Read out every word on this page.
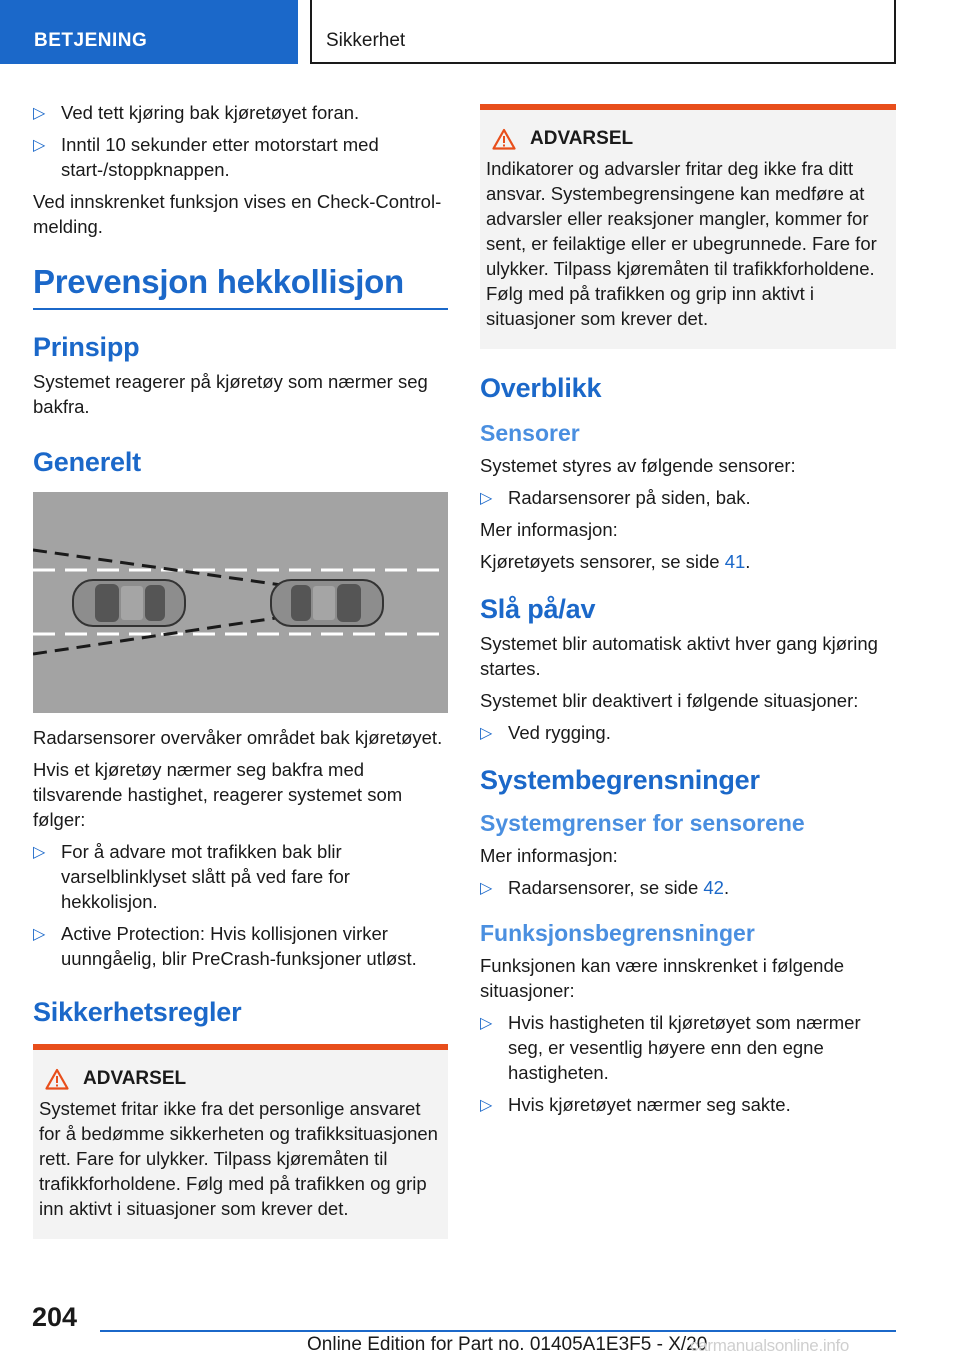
BETJENING	Sikkerhet
▷ Ved tett kjøring bak kjøretøyet foran.
▷ Inntil 10 sekunder etter motorstart med start-/stoppknappen.

Ved innskrenket funksjon vises en Check-Control-melding.

Prevensjon hekkollisjon
Prinsipp

Systemet reagerer på kjøretøy som nærmer seg bakfra.

Generelt

Radarsensorer overvåker området bak kjøretøyet.

Hvis et kjøretøy nærmer seg bakfra med tilsvarende hastighet, reagerer systemet som følger:

▷ For å advare mot trafikken bak blir varselblinklyset slått på ved fare for hekkolisjon.
▷ Active Protection: Hvis kollisjonen virker uunngåelig, blir PreCrash-funksjoner utløst.
Sikkerhetsregler
ADVARSEL

Systemet fritar ikke fra det personlige ansvaret for å bedømme sikkerheten og trafikksituasjonen rett. Fare for ulykker. Tilpass kjøremåten til trafikkforholdene. Følg med på trafikken og grip inn aktivt i situasjoner som krever det.

ADVARSEL

Indikatorer og advarsler fritar deg ikke fra ditt ansvar. Systembegrensingene kan medføre at advarsler eller reaksjoner mangler, kommer for sent, er feilaktige eller er ubegrunnede. Fare for ulykker. Tilpass kjøremåten til trafikkforholdene. Følg med på trafikken og grip inn aktivt i situasjoner som krever det.

Overblikk
Sensorer

Systemet styres av følgende sensorer:

▷ Radarsensorer på siden, bak.

Mer informasjon:

Kjøretøyets sensorer, se side 41.

Slå på/av

Systemet blir automatisk aktivt hver gang kjøring startes.

Systemet blir deaktivert i følgende situasjoner:

▷ Ved rygging.
Systembegrensninger
Systemgrenser for sensorene

Mer informasjon:

▷ Radarsensorer, se side 42.
Funksjonsbegrensninger

Funksjonen kan være innskrenket i følgende situasjoner:

▷ Hvis hastigheten til kjøretøyet som nærmer seg, er vesentlig høyere enn den egne hastigheten.
▷ Hvis kjøretøyet nærmer seg sakte.
204
Online Edition for Part no. 01405A1E3F5 - X/20
carmanualsonline.info
